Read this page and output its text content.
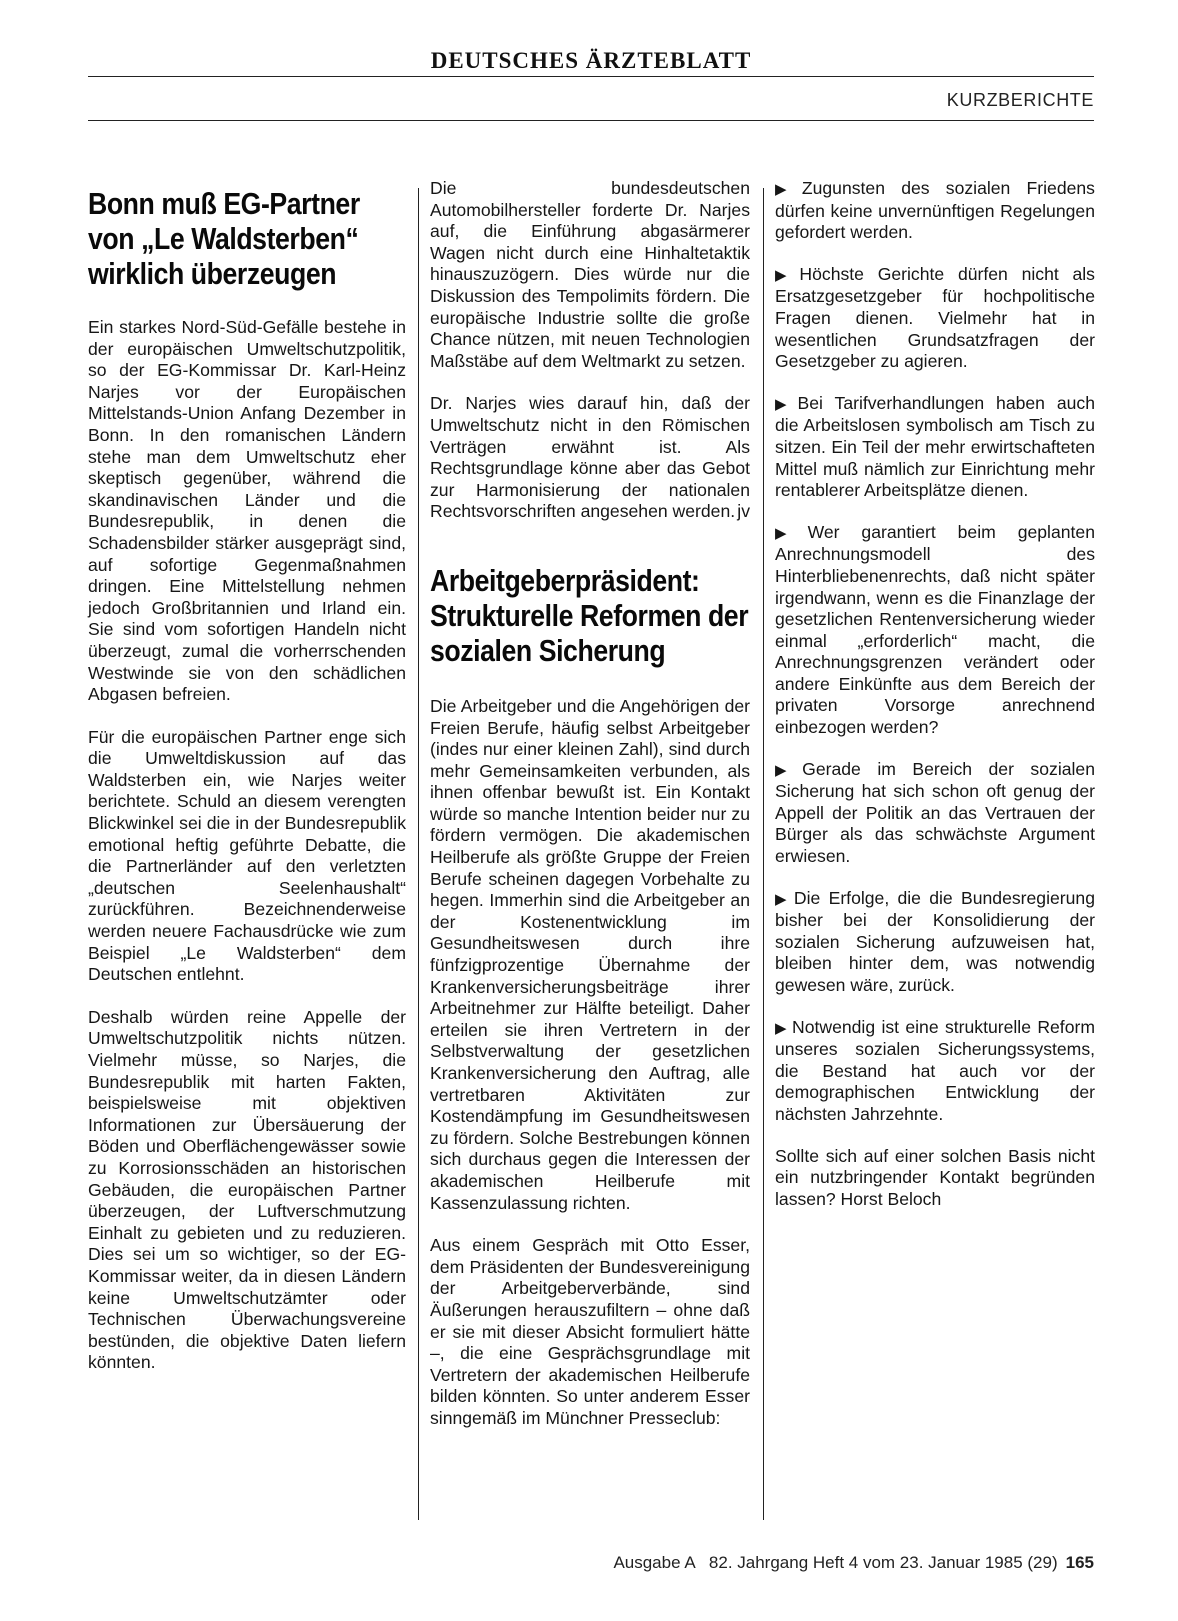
DEUTSCHES ÄRZTEBLATT
KURZBERICHTE
Bonn muß EG-Partner von „Le Waldsterben“ wirklich überzeugen

Ein starkes Nord-Süd-Gefälle bestehe in der europäischen Umweltschutzpolitik, so der EG-Kommissar Dr. Karl-Heinz Narjes vor der Europäischen Mittelstands-Union Anfang Dezember in Bonn. In den romanischen Ländern stehe man dem Umweltschutz eher skeptisch gegenüber, während die skandinavischen Länder und die Bundesrepublik, in denen die Schadensbilder stärker ausgeprägt sind, auf sofortige Gegenmaßnahmen dringen. Eine Mittelstellung nehmen jedoch Großbritannien und Irland ein. Sie sind vom sofortigen Handeln nicht überzeugt, zumal die vorherrschenden Westwinde sie von den schädlichen Abgasen befreien.

Für die europäischen Partner enge sich die Umweltdiskussion auf das Waldsterben ein, wie Narjes weiter berichtete. Schuld an diesem verengten Blickwinkel sei die in der Bundesrepublik emotional heftig geführte Debatte, die die Partnerländer auf den verletzten „deutschen Seelenhaushalt“ zurückführen. Bezeichnenderweise werden neuere Fachausdrücke wie zum Beispiel „Le Waldsterben“ dem Deutschen entlehnt.

Deshalb würden reine Appelle der Umweltschutzpolitik nichts nützen. Vielmehr müsse, so Narjes, die Bundesrepublik mit harten Fakten, beispielsweise mit objektiven Informationen zur Übersäuerung der Böden und Oberflächengewässer sowie zu Korrosionsschäden an historischen Gebäuden, die europäischen Partner überzeugen, der Luftverschmutzung Einhalt zu gebieten und zu reduzieren. Dies sei um so wichtiger, so der EG-Kommissar weiter, da in diesen Ländern keine Umweltschutzämter oder Technischen Überwachungsvereine bestünden, die objektive Daten liefern könnten.

Die bundesdeutschen Automobilhersteller forderte Dr. Narjes auf, die Einführung abgasärmerer Wagen nicht durch eine Hinhaltetaktik hinauszuzögern. Dies würde nur die Diskussion des Tempolimits fördern. Die europäische Industrie sollte die große Chance nützen, mit neuen Technologien Maßstäbe auf dem Weltmarkt zu setzen.

Dr. Narjes wies darauf hin, daß der Umweltschutz nicht in den Römischen Verträgen erwähnt ist. Als Rechtsgrundlage könne aber das Gebot zur Harmonisierung der nationalen Rechtsvorschriften angesehen werden. jv

Arbeitgeberpräsident: Strukturelle Reformen der sozialen Sicherung

Die Arbeitgeber und die Angehörigen der Freien Berufe, häufig selbst Arbeitgeber (indes nur einer kleinen Zahl), sind durch mehr Gemeinsamkeiten verbunden, als ihnen offenbar bewußt ist. Ein Kontakt würde so manche Intention beider nur zu fördern vermögen. Die akademischen Heilberufe als größte Gruppe der Freien Berufe scheinen dagegen Vorbehalte zu hegen. Immerhin sind die Arbeitgeber an der Kostenentwicklung im Gesundheitswesen durch ihre fünfzigprozentige Übernahme der Krankenversicherungsbeiträge ihrer Arbeitnehmer zur Hälfte beteiligt. Daher erteilen sie ihren Vertretern in der Selbstverwaltung der gesetzlichen Krankenversicherung den Auftrag, alle vertretbaren Aktivitäten zur Kostendämpfung im Gesundheitswesen zu fördern. Solche Bestrebungen können sich durchaus gegen die Interessen der akademischen Heilberufe mit Kassenzulassung richten.

Aus einem Gespräch mit Otto Esser, dem Präsidenten der Bundesvereinigung der Arbeitgeberverbände, sind Äußerungen herauszufiltern – ohne daß er sie mit dieser Absicht formuliert hätte –, die eine Gesprächsgrundlage mit Vertretern der akademischen Heilberufe bilden könnten. So unter anderem Esser sinngemäß im Münchner Presseclub:

▶ Zugunsten des sozialen Friedens dürfen keine unvernünftigen Regelungen gefordert werden.

▶ Höchste Gerichte dürfen nicht als Ersatzgesetzgeber für hochpolitische Fragen dienen. Vielmehr hat in wesentlichen Grundsatzfragen der Gesetzgeber zu agieren.

▶ Bei Tarifverhandlungen haben auch die Arbeitslosen symbolisch am Tisch zu sitzen. Ein Teil der mehr erwirtschafteten Mittel muß nämlich zur Einrichtung mehr rentablerer Arbeitsplätze dienen.

▶ Wer garantiert beim geplanten Anrechnungsmodell des Hinterbliebenenrechts, daß nicht später irgendwann, wenn es die Finanzlage der gesetzlichen Rentenversicherung wieder einmal „erforderlich“ macht, die Anrechnungsgrenzen verändert oder andere Einkünfte aus dem Bereich der privaten Vorsorge anrechnend einbezogen werden?

▶ Gerade im Bereich der sozialen Sicherung hat sich schon oft genug der Appell der Politik an das Vertrauen der Bürger als das schwächste Argument erwiesen.

▶ Die Erfolge, die die Bundesregierung bisher bei der Konsolidierung der sozialen Sicherung aufzuweisen hat, bleiben hinter dem, was notwendig gewesen wäre, zurück.

▶ Notwendig ist eine strukturelle Reform unseres sozialen Sicherungssystems, die Bestand hat auch vor der demographischen Entwicklung der nächsten Jahrzehnte.

Sollte sich auf einer solchen Basis nicht ein nutzbringender Kontakt begründen lassen? Horst Beloch

Ausgabe A   82. Jahrgang Heft 4 vom 23. Januar 1985 (29) 165
